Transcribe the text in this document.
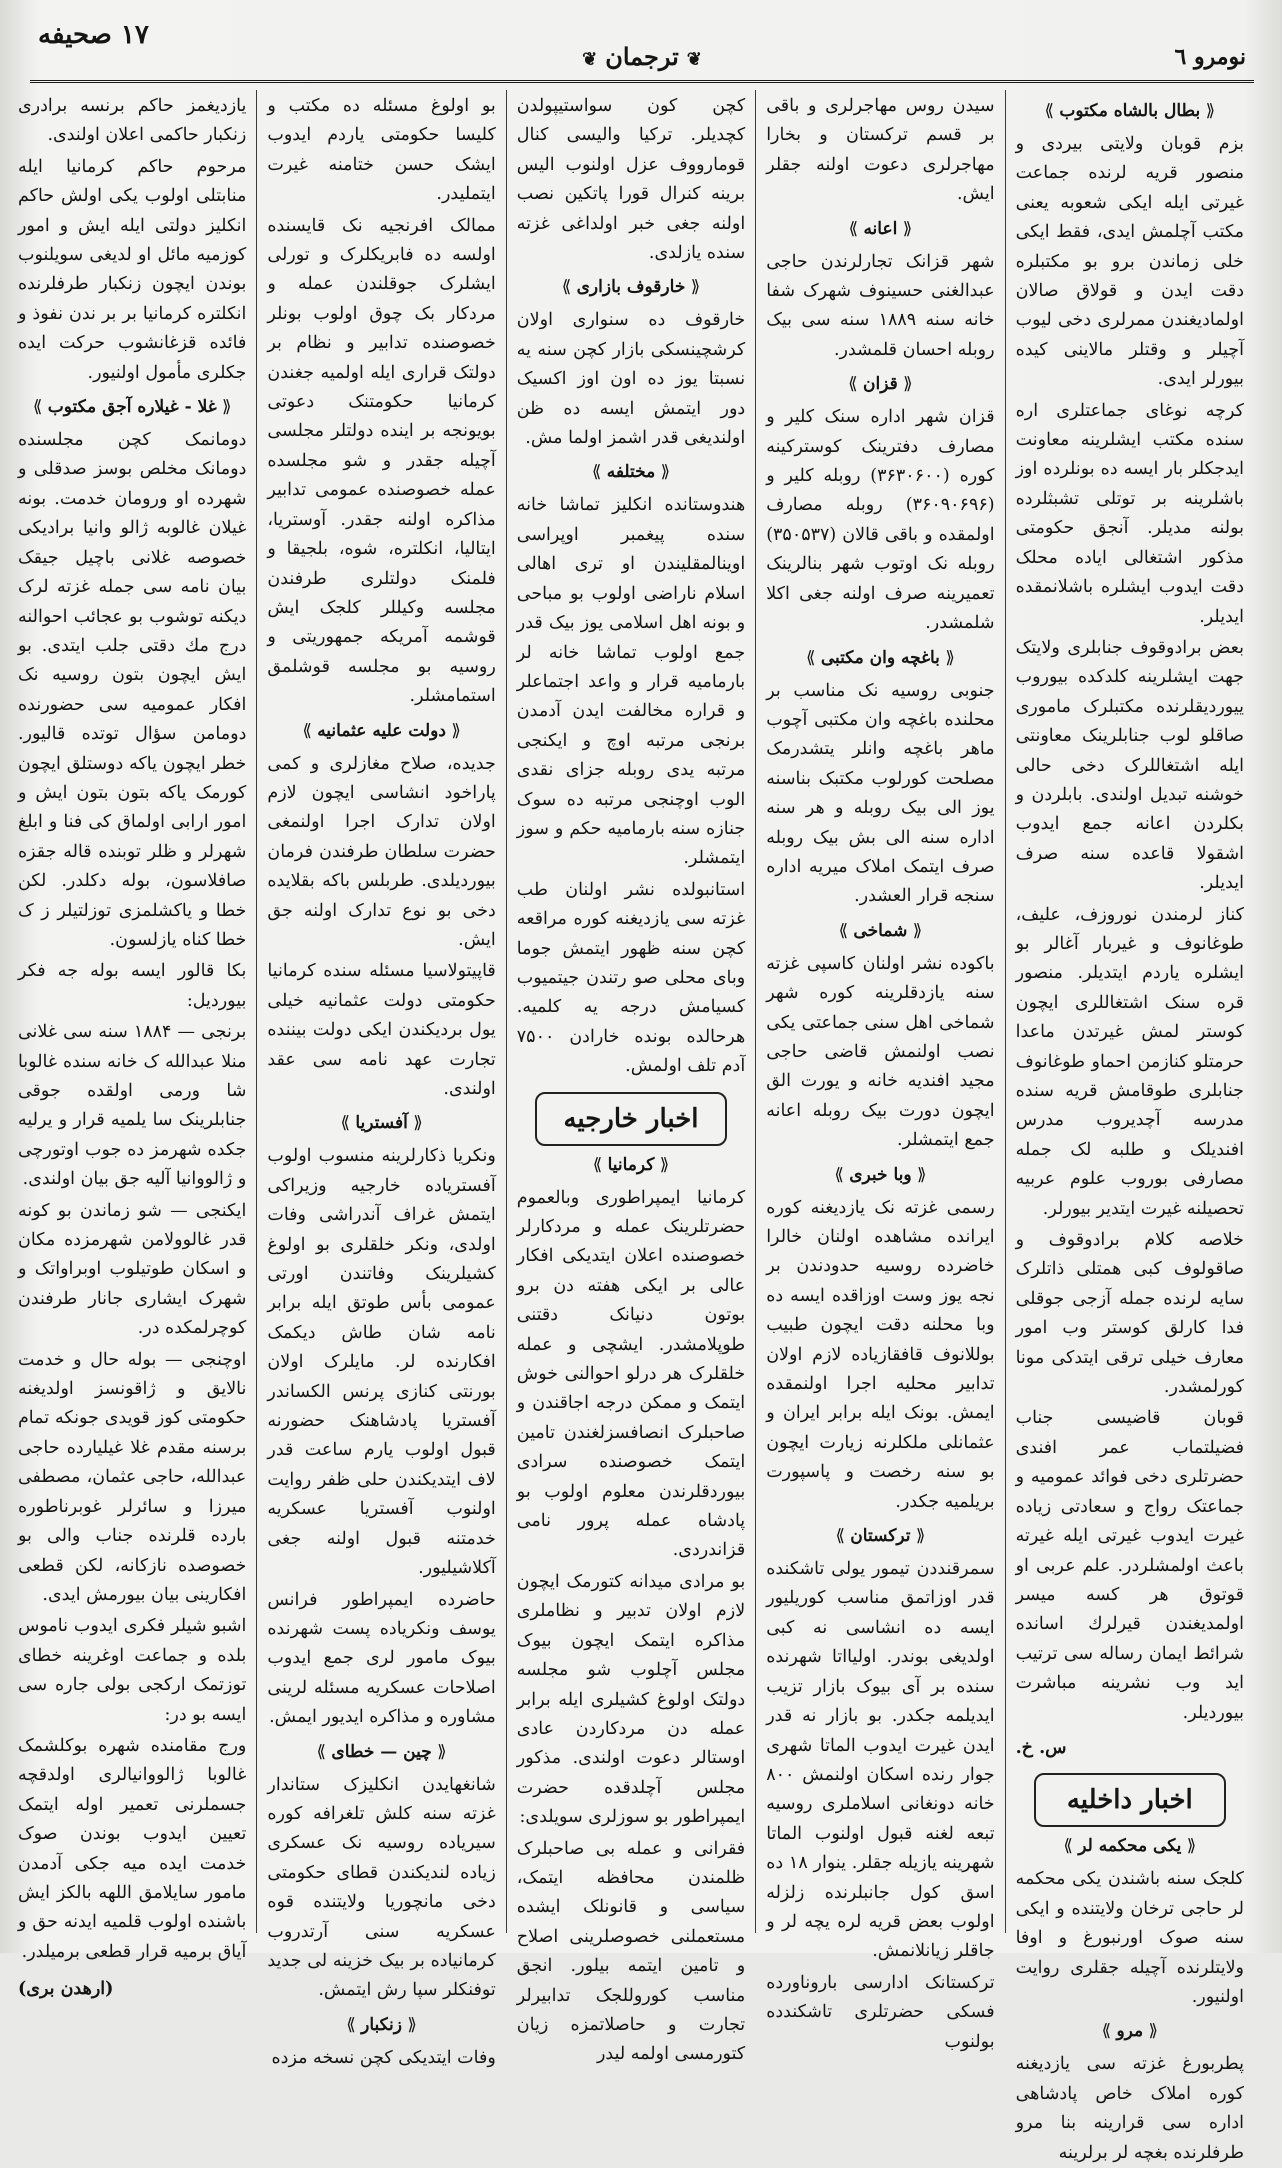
نومرو ٦
❦ ترجمان ❦
۱۷ صحیفه
⟪ بطال بالشاه مکتوب ⟫

بزم قوبان ولایتی بیردی و منصور قریه لرنده جماعت غیرتی ایله ایکی شعوبه یعنی مکتب آچلمش ایدی، فقط ایکی خلی زماندن برو بو مکتبلره دقت ایدن و قولاق صالان اولمادیغندن ممرلری دخی لیوب آچیلر و وقتلر مالاینی کیده بیورلر ایدی.

کرچه نوغای جماعتلری اره سنده مکتب ایشلرینه معاونت ایدجکلر بار ایسه ده بونلرده اوز باشلرینه بر توتلی تشبثلرده بولنه مدیلر. آنجق حکومتی مذکور اشتغالی ایاده محلک دقت ایدوب ایشلره باشلانمقده ایدیلر.

بعض برادوقوف جنابلری ولایتک جهت ایشلرینه کلدکده بیوروب ییوردیقلرنده مکتبلرک ماموری صاقلو لوب جنابلرینک معاونتی ایله اشتغاللرک دخی حالی خوشنه تبدیل اولندی. بابلردن و بکلردن اعانه جمع ایدوب اشقولا قاعده سنه صرف ایدیلر.

کناز لرمندن نوروزف، علیف، طوغانوف و غیربار آغالر بو ایشلره یاردم ایتدیلر. منصور قره سنک اشتغاللری ایچون کوستر لمش غیرتدن ماعدا حرمتلو کنازمن احماو طوغانوف جنابلری طوقامش قریه سنده مدرسه آچدیروب مدرس افندیلک و طلبه لک جمله مصارفی بوروب علوم عربیه تحصیلنه غیرت ایتدیر بیورلر.

خلاصه کلام برادوقوف و صاقولوف کبی همتلی ذاتلرک سایه لرنده جمله آزجی جوقلی فدا کارلق کوستر وب امور معارف خیلی ترقی ایتدکی مونا کورلمشدر.

قوبان قاضیسی جناب فضیلتماب عمر افندی حضرتلری دخی فوائد عمومیه و جماعتک رواج و سعادتی زیاده غیرت ایدوب غیرتی ایله غیرته باعث اولمشلردر. علم عربی او قوتوق هر کسه میسر اولمدیغندن قیرلرك اسانده شرائط ایمان رساله سی ترتیب اید وب نشرینه مباشرت بیوردیلر.

س. خ.
اخبار داخلیه
⟪ یکی محکمه لر ⟫

کلجک سنه باشندن یکی محکمه لر حاجی ترخان ولایتنده و ایکی سنه صوک اورنبورغ و اوفا ولایتلرنده آچیله جقلری روایت اولنیور.

⟪ مرو ⟫

پطربورغ غزته سی یازدیغنه کوره املاک خاص پادشاهی اداره سی قرارینه بنا مرو طرفلرنده بغچه لر برلرینه

سیدن روس مهاجرلری و باقی بر قسم ترکستان و بخارا مهاجرلری دعوت اولنه جقلر ایش.

⟪ اعانه ⟫

شهر قزانک تجارلرندن حاجی عبدالغنی حسینوف شهرک شفا خانه سنه ۱۸۸۹ سنه سی بیک روبله احسان قلمشدر.

⟪ قزان ⟫

قزان شهر اداره سنک کلیر و مصارف دفترینک کوسترکینه کوره (۳۶۳۰۶۰۰) روبله کلیر و (۳۶۰۹۰۶۹۶) روبله مصارف اولمقده و باقی قالان (۳۵۰۵۳۷) روبله نک اوتوب شهر بنالرینک تعمیرینه صرف اولنه جغی اکلا شلمشدر.

⟪ باغچه وان مکتبی ⟫

جنوبی روسیه نک مناسب بر محلنده باغچه وان مکتبی آچوب ماهر باغچه وانلر یتشدرمک مصلحت کورلوب مکتبک بناسنه یوز الی بیک روبله و هر سنه اداره سنه الی بش بیک روبله صرف ایتمک املاک میریه اداره سنجه قرار العشدر.

⟪ شماخی ⟫

باکوده نشر اولنان کاسپی غزته سنه یازدقلرینه کوره شهر شماخی اهل سنی جماعتی یکی نصب اولنمش قاضی حاجی مجید افندیه خانه و یورت الق ایچون دورت بیک روبله اعانه جمع ایتمشلر.

⟪ وبا خبری ⟫

رسمی غزته نک یازدیغنه کوره ایرانده مشاهده اولنان خالرا خاضرده روسیه حدودندن بر نجه یوز وست اوزاقده ایسه ده وبا محلنه دقت ایچون طبیب بوللانوف قافقازیاده لازم اولان تدابیر محلیه اجرا اولنمقده ایمش. بونک ایله برابر ایران و عثمانلی ملکلرنه زیارت ایچون بو سنه رخصت و پاسپورت بریلمیه جکدر.

⟪ ترکستان ⟫

سمرقنددن تیمور یولی تاشکنده قدر اوزاتمق مناسب کوریلیور ایسه ده انشاسی نه کبی اولدیغی بوندر. اولیااتا شهرنده سنده بر آی بیوک بازار تزیب ایدیلمه جکدر. بو بازار نه قدر ایدن غیرت ایدوب الماتا شهری جوار رنده اسکان اولنمش ۸۰۰ خانه دونغانی اسلاملری روسیه تبعه لغنه قبول اولنوب الماتا شهرینه یازیله جقلر. ینوار ۱۸ ده اسق کول جانبلرنده زلزله اولوب بعض قریه لره یچه لر و جاقلر زیانلانمش.

ترکستانک ادارسی باروناورده فسکی حضرتلری تاشکندده بولنوب

کچن کون سواستیپولدن کچدیلر. ترکیا والیسی کنال قومارووف عزل اولنوب الیس برینه کنرال قورا پاتکین نصب اولنه جغی خبر اولداغی غزته سنده یازلدی.

⟪ خارقوف بازاری ⟫

خارقوف ده سنواری اولان کرشچینسکی بازار کچن سنه یه نسبتا یوز ده اون اوز اکسیک دور ایتمش ایسه ده ظن اولندیغی قدر اشمز اولما مش.

⟪ مختلفه ⟫

هندوستانده انکلیز تماشا خانه سنده پیغمبر اوپراسی اوینالمقلیندن او تری اهالی اسلام ناراضی اولوب بو مباحی و بونه اهل اسلامی یوز بیک قدر جمع اولوب تماشا خانه لر بارمامیه قرار و واعد اجتماعلر و قراره مخالفت ایدن آدمدن برنجی مرتبه اوچ و ایکنجی مرتبه یدی روبله جزای نقدی الوب اوچنجی مرتبه ده سوک جنازه سنه بارمامیه حکم و سوز ایتمشلر.

استانبولده نشر اولنان طب غزته سی یازدیغنه کوره مراقعه کچن سنه ظهور ایتمش جوما وبای محلی صو رتندن جیتمیوب کسیامش درجه یه کلمیه. هرحالده بونده خارادن ۷۵۰۰ آدم تلف اولمش.

اخبار خارجیه
⟪ کرمانیا ⟫

کرمانیا ایمپراطوری وبالعموم حضرتلرینک عمله و مردکارلر خصوصنده اعلان ایتدیکی افکار عالی بر ایکی هفته دن برو بوتون دنیانک دقتنی طوپلامشدر. ایشچی و عمله خلقلرک هر درلو احوالنی خوش ایتمک و ممکن درجه اجاقندن و صاحبلرک انصافسزلغندن تامین ایتمک خصوصنده سرادی بیوردقلرندن معلوم اولوب بو پادشاه عمله پرور نامی قزاندردی.

بو مرادی میدانه کتورمک ایچون لازم اولان تدبیر و نظاملری مذاکره ایتمک ایچون بیوک مجلس آچلوب شو مجلسه دولتک اولوغ کشیلری ایله برابر عمله دن مردکاردن عادی اوستالر دعوت اولندی. مذکور مجلس آچلدقده حضرت ایمپراطور بو سوزلری سویلدی:

فقرانی و عمله بی صاحبلرک ظلمندن محافظه ایتمک، سیاسی و قانونلک ایشده مستعملنی خصوصلرینی اصلاح و تامین ایتمه بیلور. انجق مناسب کوروللجک تدابیرلر تجارت و حاصلاتمزه زیان کتورمسی اولمه لیدر

بو اولوغ مسئله ده مکتب و کلیسا حکومتی یاردم ایدوب ایشک حسن ختامنه غیرت ایتملیدر.

ممالک افرنجیه نک قایسنده اولسه ده فابریکلرک و تورلی ایشلرک جوقلندن عمله و مردکار بک چوق اولوب بونلر خصوصنده تدابیر و نظام بر دولتک قراری ایله اولمیه جغندن کرمانیا حکومتنک دعوتی بویونجه بر اینده دولتلر مجلسی آچیله جقدر و شو مجلسده عمله خصوصنده عمومی تدابیر مذاکره اولنه جقدر. آوستریا، ایتالیا، انکلتره، شوه، بلجیقا و فلمنک دولتلری طرفندن مجلسه وکیللر کلجک ایش قوشمه آمریکه جمهوریتی و روسیه بو مجلسه قوشلمق استمامشلر.

⟪ دولت علیه عثمانیه ⟫

جدیده، صلاح مغازلری و کمی پاراخود انشاسی ایچون لازم اولان تدارک اجرا اولنمغی حضرت سلطان طرفندن فرمان بیوردیلدی. طربلس باکه بقلایده دخی بو نوع تدارک اولنه جق ایش.

قاپیتولاسیا مسئله سنده کرمانیا حکومتی دولت عثمانیه خیلی یول بردیکندن ایکی دولت بیننده تجارت عهد نامه سی عقد اولندی.

⟪ آفستریا ⟫

ونکریا ذکارلرینه منسوب اولوب آفستریاده خارجیه وزیراکی ایتمش غراف آندراشی وفات اولدی، ونکر خلقلری بو اولوغ کشیلرینک وفاتندن اورتی عمومی بأس طوتق ایله برابر نامه شان طاش دیکمک افکارنده لر. مایلرک اولان بورنتی کنازی پرنس الکساندر آفستریا پادشاهنک حضورنه قبول اولوب یارم ساعت قدر لاف ایتدیکندن حلی ظفر روایت اولنوب آفستریا عسکریه خدمتنه قبول اولنه جغی آکلاشیلیور.

حاضرده ایمپراطور فرانس یوسف ونکریاده پست شهرنده بیوک مامور لری جمع ایدوب اصلاحات عسکریه مسئله لرینی مشاوره و مذاکره ایدیور ایمش.

⟪ چین — خطای ⟫

شانغهایدن انکلیزک ستاندار غزته سنه کلش تلغرافه کوره سیریاده روسیه نک عسکری زیاده لندیکندن قطای حکومتی دخی مانچوریا ولایتنده قوه عسکریه سنی آرتدروب کرمانیاده بر بیک خزینه لی جدید توفنکلر سپا رش ایتمش.

⟪ زنکبار ⟫

وفات ایتدیکی کچن نسخه مزده

یازدیغمز حاکم برنسه برادری زنکبار حاکمی اعلان اولندی.

مرحوم حاکم کرمانیا ایله منابتلی اولوب یکی اولش حاکم انکلیز دولتی ایله ایش و امور کوزمیه مائل او لدیغی سویلنوب بوندن ایچون زنکبار طرفلرنده انکلتره کرمانیا بر بر ندن نفوذ و فائده قزغانشوب حرکت ایده جکلری مأمول اولنیور.

⟪ غلا - غیلاره آجق مکتوب ⟫

دومانمک کچن مجلسنده دومانک مخلص بوسز صدقلی و شهرده او ورومان خدمت. بونه غیلان غالوبه ژالو وانیا برادیکی خصوصه غلانی باچیل جیقک بیان نامه سی جمله غزته لرک دیکنه توشوب بو عجائب احوالنه درج مك دقتی جلب ایتدی. بو ایش ایچون بتون روسیه نک افکار عمومیه سی حضورنده دومامن سؤال توتده قالیور. خطر ایچون یاکه دوستلق ایچون کورمک یاکه بتون بتون ایش و امور ارابی اولماق کی فنا و ابلغ شهرلر و ظلر توبنده قاله جقزه صافلاسون، بوله دکلدر. لکن خطا و یاکشلمزی توزلتیلر ز ک خطا کناه یازلسون.

بکا قالور ایسه بوله جه فکر بیوردیل:

برنجی — ۱۸۸۴ سنه سی غلانی منلا عبدالله ک خانه سنده غالوبا شا ورمی اولقده جوقی جنابلرینک سا یلمیه قرار و یرلیه جکده شهرمز ده جوب اوتورچی و ژالووانیا آلیه جق بیان اولندی.

ایکنجی — شو زماندن بو کونه قدر غالوولامن شهرمزده مکان و اسکان طوتیلوب اوبراواتک و شهرک ایشاری جانار طرفندن کوچرلمکده در.

اوچنجی — بوله حال و خدمت نالایق و ژاقونسز اولدیغنه حکومتی کوز قویدی جونکه تمام برسنه مقدم غلا غیلیارده حاجی عبدالله، حاجی عثمان، مصطفی میرزا و سائرلر غوبرناطوره بارده قلرنده جناب والی بو خصوصده نازکانه، لکن قطعی افکارینی بیان بیورمش ایدی.

اشبو شیلر فکری ایدوب ناموس بلده و جماعت اوغرینه خطای توزتمک ارکجی بولی جاره سی ایسه بو در:

ورج مقامنده شهره بوکلشمک غالوبا ژالووانیالری اولدقچه جسملرنی تعمیر اوله ایتمک تعیین ایدوب بوندن صوک خدمت ایده میه جکی آدمدن مامور سایلامق اللهه بالکز ایش باشنده اولوب قلمیه ایدنه حق و آیاق برمیه قرار قطعی برمیلدر.

(ارهدن بری)
